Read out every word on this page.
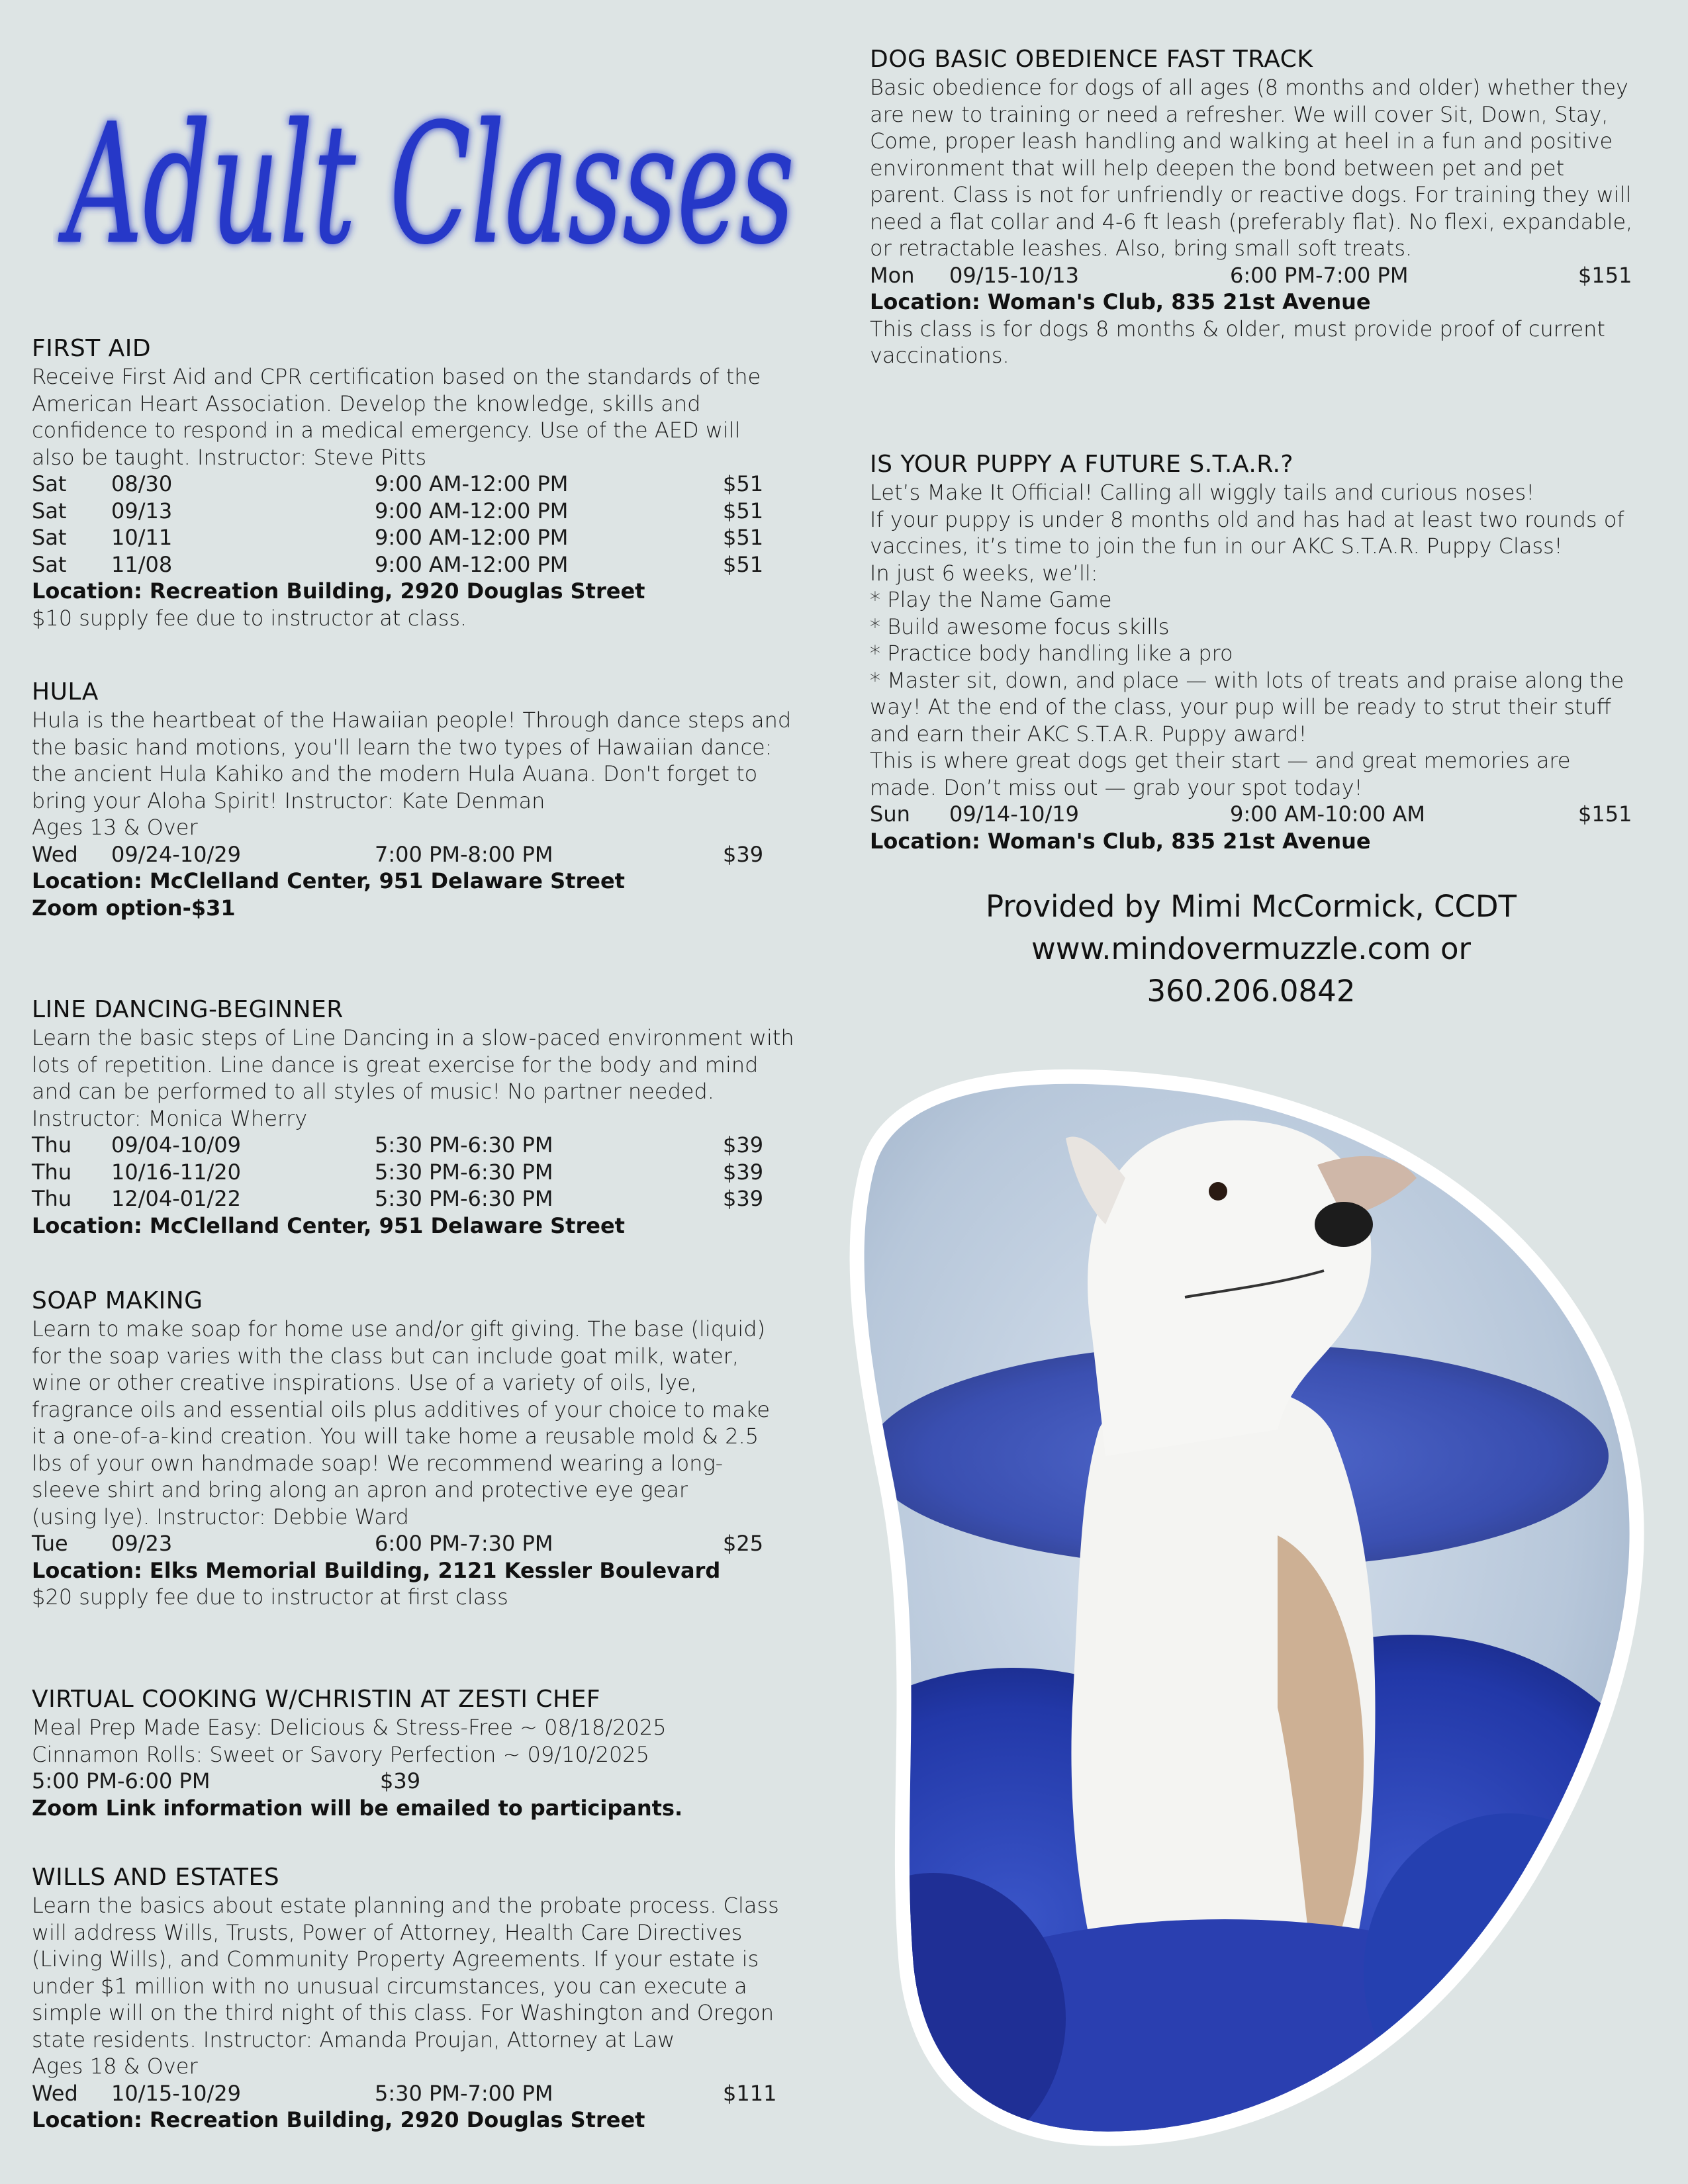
Adult Classes
FIRST AID
Receive First Aid and CPR certification based on the standards of the
American Heart Association. Develop the knowledge, skills and
confidence to respond in a medical emergency. Use of the AED will
also be taught. Instructor: Steve Pitts
Sat 08/30	9:00 AM-12:00 PM	$51
Sat 09/13	9:00 AM-12:00 PM	$51
Sat 10/11	9:00 AM-12:00 PM	$51
Sat 11/08	9:00 AM-12:00 PM	$51
Location: Recreation Building, 2920 Douglas Street
$10 supply fee due to instructor at class.
HULA
Hula is the heartbeat of the Hawaiian people! Through dance steps and
the basic hand motions, you'll learn the two types of Hawaiian dance:
the ancient Hula Kahiko and the modern Hula Auana. Don't forget to
bring your Aloha Spirit! Instructor: Kate Denman
Ages 13 & Over
Wed 09/24-10/29	7:00 PM-8:00 PM	$39
Location: McClelland Center, 951 Delaware Street
Zoom option-$31
LINE DANCING-BEGINNER
Learn the basic steps of Line Dancing in a slow-paced environment with
lots of repetition. Line dance is great exercise for the body and mind
and can be performed to all styles of music! No partner needed.
Instructor: Monica Wherry
Thu 09/04-10/09	5:30 PM-6:30 PM	$39
Thu 10/16-11/20	5:30 PM-6:30 PM	$39
Thu 12/04-01/22	5:30 PM-6:30 PM	$39
Location: McClelland Center, 951 Delaware Street
SOAP MAKING
Learn to make soap for home use and/or gift giving. The base (liquid)
for the soap varies with the class but can include goat milk, water,
wine or other creative inspirations. Use of a variety of oils, lye,
fragrance oils and essential oils plus additives of your choice to make
it a one-of-a-kind creation. You will take home a reusable mold & 2.5
lbs of your own handmade soap! We recommend wearing a long-
sleeve shirt and bring along an apron and protective eye gear
(using lye). Instructor: Debbie Ward
Tue 09/23	6:00 PM-7:30 PM	$25
Location: Elks Memorial Building, 2121 Kessler Boulevard
$20 supply fee due to instructor at first class
VIRTUAL COOKING W/CHRISTIN AT ZESTI CHEF
Meal Prep Made Easy: Delicious & Stress-Free ~ 08/18/2025
Cinnamon Rolls: Sweet or Savory Perfection ~ 09/10/2025
5:00 PM-6:00 PM	$39
Zoom Link information will be emailed to participants.
WILLS AND ESTATES
Learn the basics about estate planning and the probate process. Class
will address Wills, Trusts, Power of Attorney, Health Care Directives
(Living Wills), and Community Property Agreements. If your estate is
under $1 million with no unusual circumstances, you can execute a
simple will on the third night of this class. For Washington and Oregon
state residents. Instructor: Amanda Proujan, Attorney at Law
Ages 18 & Over
Wed 10/15-10/29	5:30 PM-7:00 PM	$111
Location: Recreation Building, 2920 Douglas Street
DOG BASIC OBEDIENCE FAST TRACK
Basic obedience for dogs of all ages (8 months and older) whether they
are new to training or need a refresher. We will cover Sit, Down, Stay,
Come, proper leash handling and walking at heel in a fun and positive
environment that will help deepen the bond between pet and pet
parent. Class is not for unfriendly or reactive dogs. For training they will
need a flat collar and 4-6 ft leash (preferably flat). No flexi, expandable,
or retractable leashes. Also, bring small soft treats.
Mon 09/15-10/13	6:00 PM-7:00 PM	$151
Location: Woman's Club, 835 21st Avenue
This class is for dogs 8 months & older, must provide proof of current
vaccinations.
IS YOUR PUPPY A FUTURE S.T.A.R.?
Let’s Make It Official! Calling all wiggly tails and curious noses!
If your puppy is under 8 months old and has had at least two rounds of
vaccines, it’s time to join the fun in our AKC S.T.A.R. Puppy Class!
In just 6 weeks, we’ll:
* Play the Name Game
* Build awesome focus skills
* Practice body handling like a pro
* Master sit, down, and place — with lots of treats and praise along the
way! At the end of the class, your pup will be ready to strut their stuff
and earn their AKC S.T.A.R. Puppy award!
This is where great dogs get their start — and great memories are
made. Don’t miss out — grab your spot today!
Sun 09/14-10/19	9:00 AM-10:00 AM	$151
Location: Woman's Club, 835 21st Avenue
Provided by Mimi McCormick, CCDT
www.mindovermuzzle.com or
360.206.0842
